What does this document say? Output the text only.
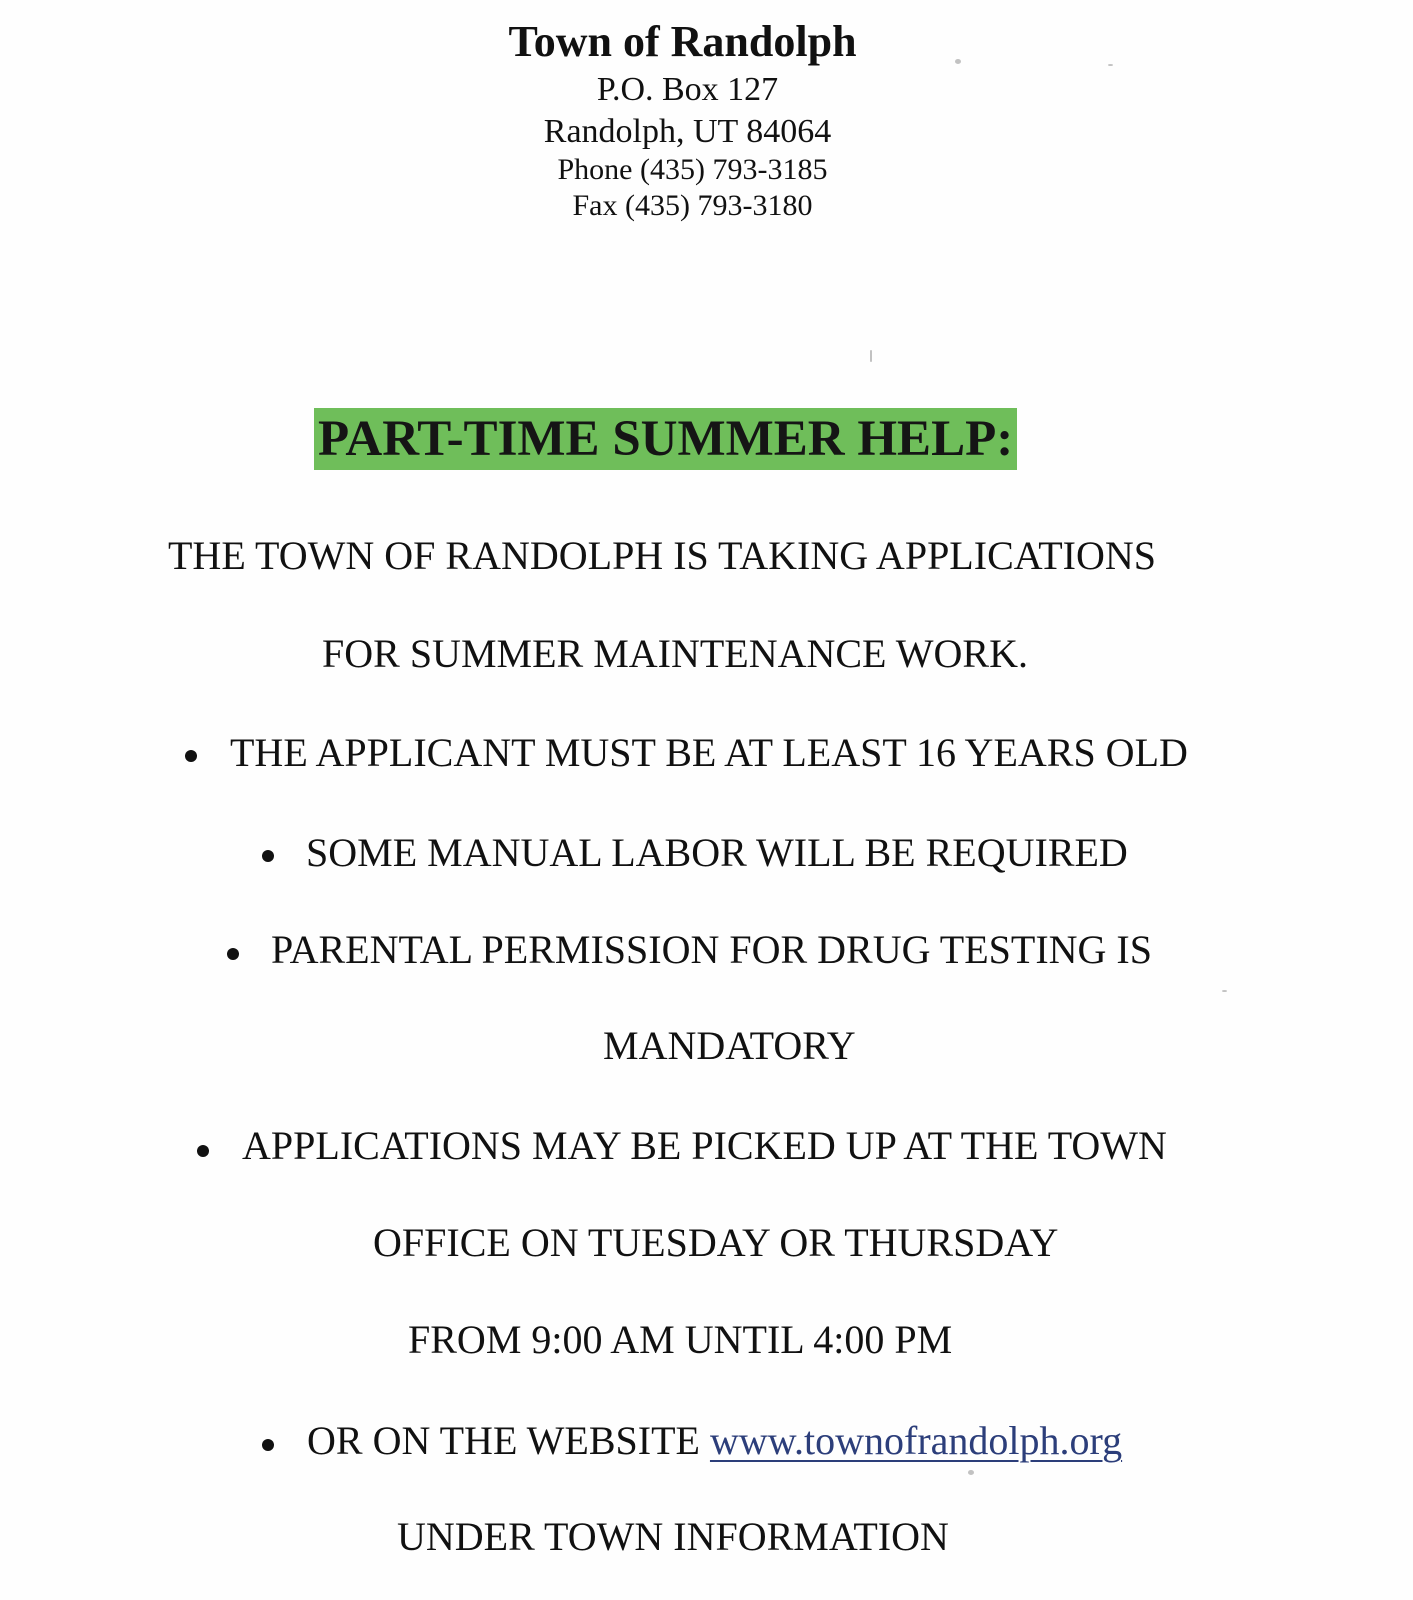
Town of Randolph

P.O. Box 127

Randolph, UT 84064

Phone (435) 793-3185

Fax (435) 793-3180

PART-TIME SUMMER HELP:
THE TOWN OF RANDOLPH IS TAKING APPLICATIONS
FOR SUMMER MAINTENANCE WORK.
THE APPLICANT MUST BE AT LEAST 16 YEARS OLD
SOME MANUAL LABOR WILL BE REQUIRED
PARENTAL PERMISSION FOR DRUG TESTING IS
MANDATORY
APPLICATIONS MAY BE PICKED UP AT THE TOWN
OFFICE ON TUESDAY OR THURSDAY
FROM 9:00 AM UNTIL 4:00 PM
OR ON THE WEBSITE www.townofrandolph.org
UNDER TOWN INFORMATION
